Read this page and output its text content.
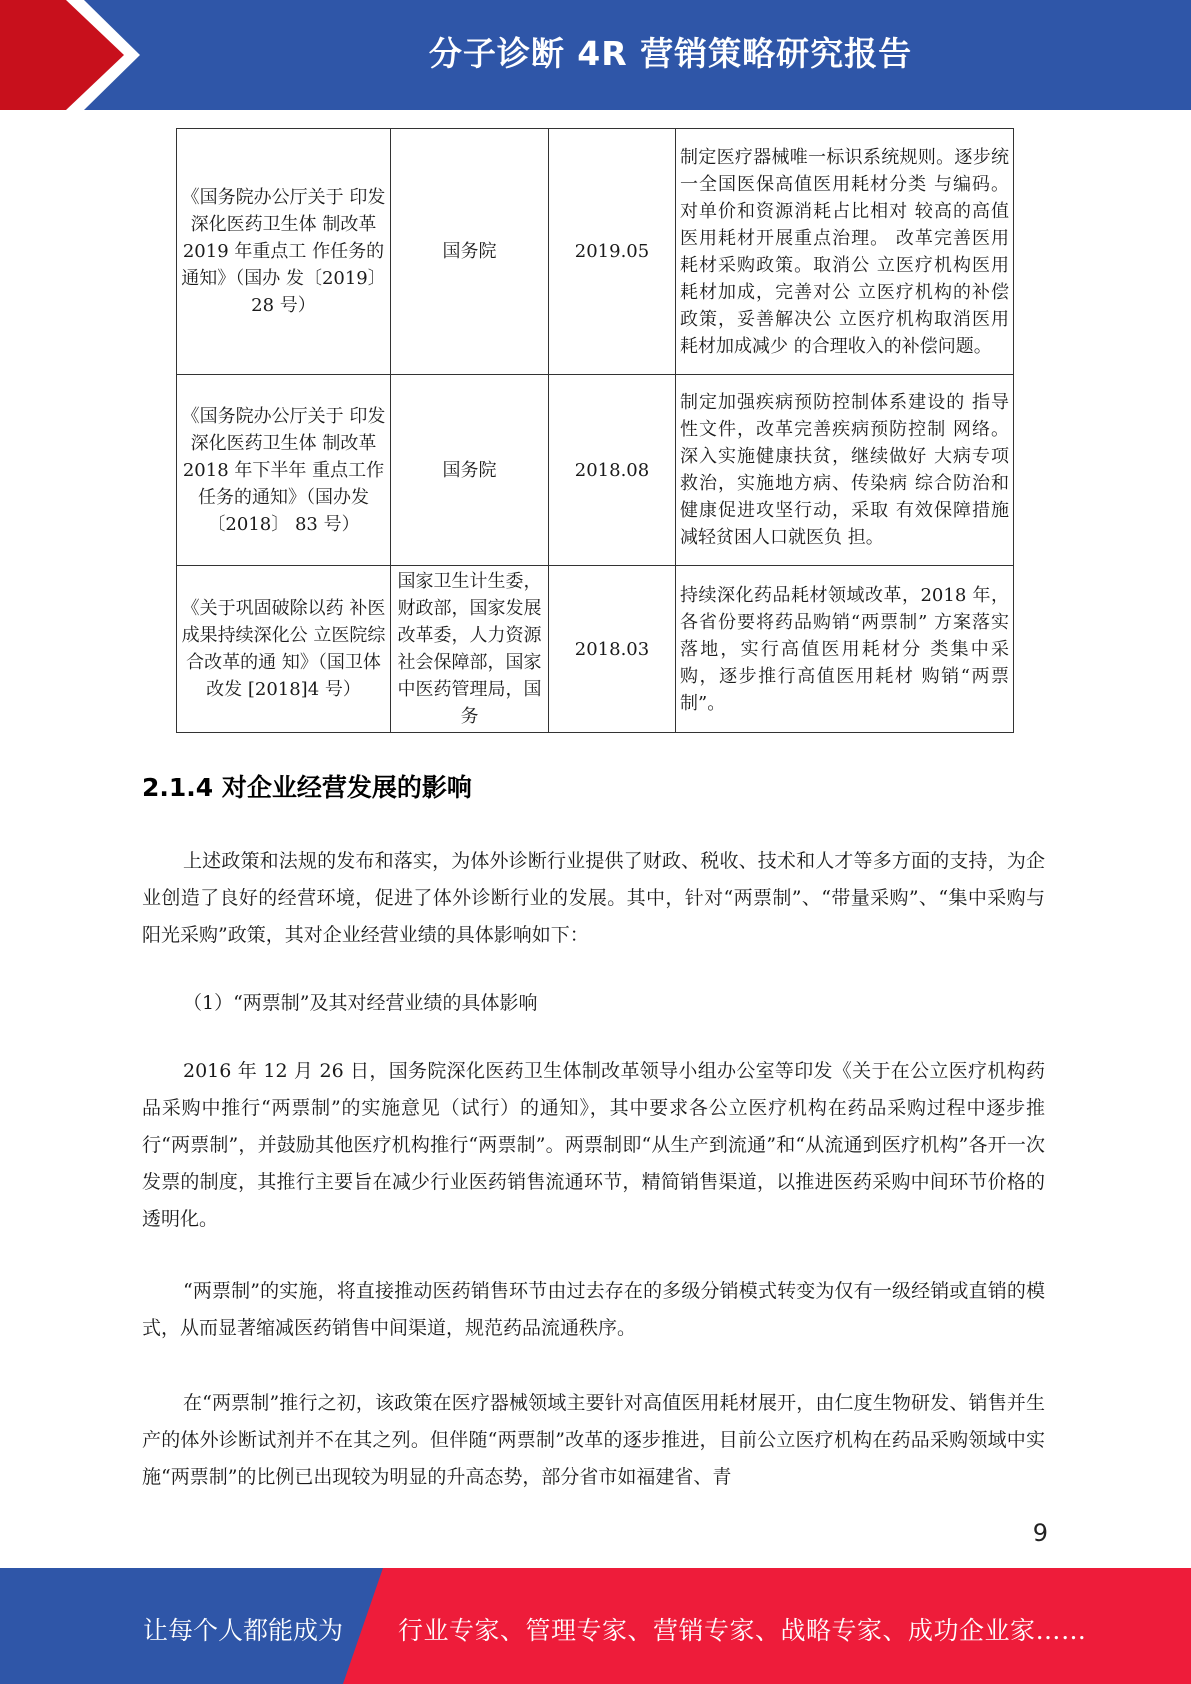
分子诊断 4R 营销策略研究报告
《国务院办公厅关于 印发深化医药卫生体 制改革 2019 年重点工 作任务的通知》（国办 发〔2019〕 28 号）	国务院	2019.05	制定医疗器械唯一标识系统规则。逐步统一全国医保高值医用耗材分类 与编码。对单价和资源消耗占比相对 较高的高值医用耗材开展重点治理。 改革完善医用耗材采购政策。取消公 立医疗机构医用耗材加成，完善对公 立医疗机构的补偿政策，妥善解决公 立医疗机构取消医用耗材加成减少 的合理收入的补偿问题。
《国务院办公厅关于 印发深化医药卫生体 制改革 2018 年下半年 重点工作任务的通知》（国办发〔2018〕 83 号）	国务院	2018.08	制定加强疾病预防控制体系建设的 指导性文件，改革完善疾病预防控制 网络。深入实施健康扶贫，继续做好 大病专项救治，实施地方病、传染病 综合防治和健康促进攻坚行动，采取 有效保障措施减轻贫困人口就医负 担。
《关于巩固破除以药 补医成果持续深化公 立医院综合改革的通 知》（国卫体改发 [2018]4 号）	国家卫生计生委，财政部，国家发展改革委，人力资源社会保障部，国家中医药管理局，国务	2018.03	持续深化药品耗材领域改革，2018 年，各省份要将药品购销“两票制” 方案落实落地，实行高值医用耗材分 类集中采购，逐步推行高值医用耗材 购销“两票制”。
2.1.4 对企业经营发展的影响
上述政策和法规的发布和落实，为体外诊断行业提供了财政、税收、技术和人才等多方面的支持，为企业创造了良好的经营环境，促进了体外诊断行业的发展。其中，针对“两票制”、“带量采购”、“集中采购与阳光采购”政策，其对企业经营业绩的具体影响如下：
（1）“两票制”及其对经营业绩的具体影响
2016 年 12 月 26 日，国务院深化医药卫生体制改革领导小组办公室等印发《关于在公立医疗机构药品采购中推行“两票制”的实施意见（试行）的通知》，其中要求各公立医疗机构在药品采购过程中逐步推行“两票制”，并鼓励其他医疗机构推行“两票制”。两票制即“从生产到流通”和“从流通到医疗机构”各开一次发票的制度，其推行主要旨在减少行业医药销售流通环节，精简销售渠道，以推进医药采购中间环节价格的透明化。
“两票制”的实施，将直接推动医药销售环节由过去存在的多级分销模式转变为仅有一级经销或直销的模式，从而显著缩减医药销售中间渠道，规范药品流通秩序。
在“两票制”推行之初，该政策在医疗器械领域主要针对高值医用耗材展开，由仁度生物研发、销售并生产的体外诊断试剂并不在其之列。但伴随“两票制”改革的逐步推进，目前公立医疗机构在药品采购领域中实施“两票制”的比例已出现较为明显的升高态势，部分省市如福建省、青
9
让每个人都能成为 行业专家、管理专家、营销专家、战略专家、成功企业家……
